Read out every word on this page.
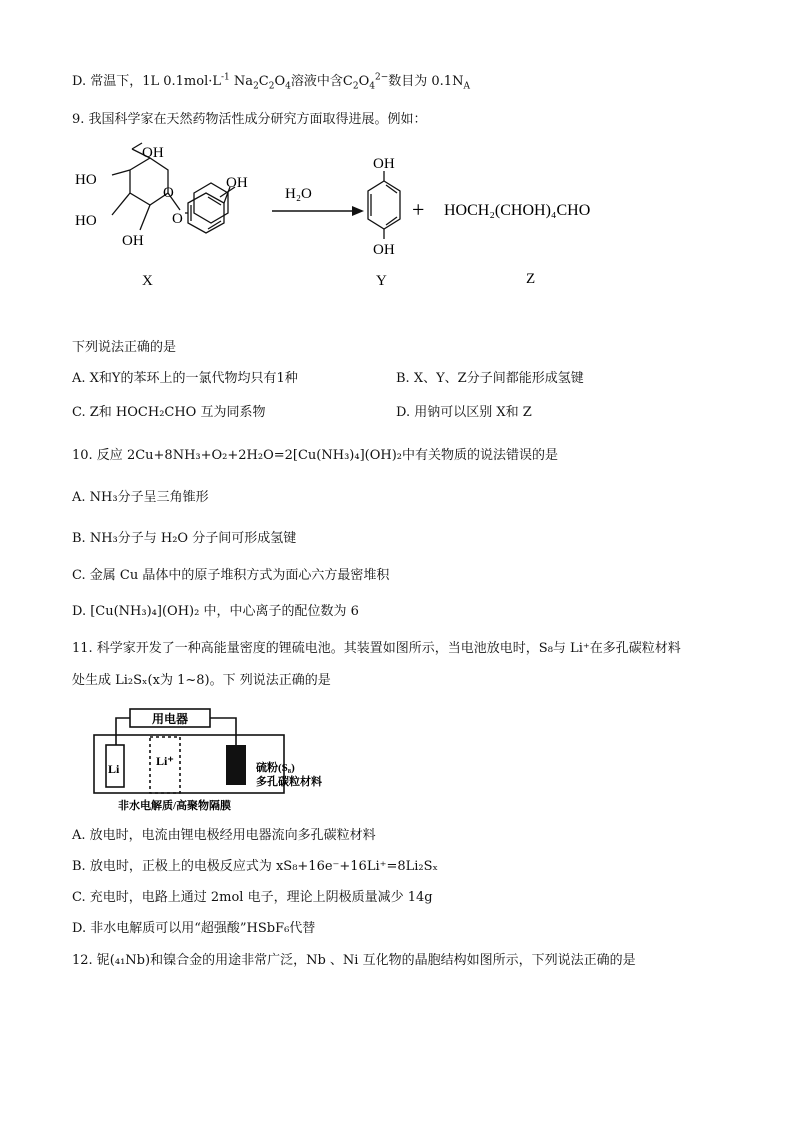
D. 常温下，1L $0.1mol\cdot L^{-1}$ $Na_2C_2O_4$溶液中含$C_2O_4^{2-}$数目为 $0.1N_A$
9. 我国科学家在天然药物活性成分研究方面取得进展。例如：
OH
HO
HO
OH
O
O
OH
X
H₂O
OH
OH
Y
+ HOCH₂(CHOH)₄CHO
Z
下列说法正确的是
A. X和Y的苯环上的一氯代物均只有1种	B. X、Y、Z分子间都能形成氢键
C. Z和 HOCH₂CHO 互为同系物	D. 用钠可以区别 X和 Z
10. 反应 2Cu+8NH₃+O₂+2H₂O=2[Cu(NH₃)₄](OH)₂中有关物质的说法错误的是
A. NH₃分子呈三角锥形
B. NH₃分子与 H₂O 分子间可形成氢键
C. 金属 Cu 晶体中的原子堆积方式为面心六方最密堆积
D. [Cu(NH₃)₄](OH)₂ 中，中心离子的配位数为 6
11. 科学家开发了一种高能量密度的锂硫电池。其装置如图所示，当电池放电时，S₈与 Li⁺在多孔碳粒材料
处生成 Li₂Sₓ(x为 1~8)。下 列说法正确的是
用电器
Li
Li⁺	硫粉(S₈)
多孔碳粒材料
非水电解质/高聚物隔膜
A. 放电时，电流由锂电极经用电器流向多孔碳粒材料
B. 放电时，正极上的电极反应式为 xS₈+16e⁻+16Li⁺=8Li₂Sₓ
C. 充电时，电路上通过 2mol 电子，理论上阴极质量减少 14g
D. 非水电解质可以用“超强酸”HSbF₆代替
12. 铌(₄₁Nb)和镍合金的用途非常广泛，Nb 、Ni 互化物的晶胞结构如图所示，下列说法正确的是
